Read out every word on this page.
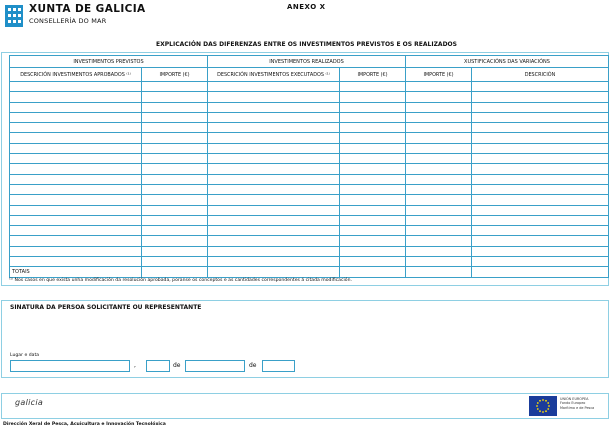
XUNTA DE GALICIA
CONSELLERÍA DO MAR
ANEXO X
EXPLICACIÓN DAS DIFERENZAS ENTRE OS INVESTIMENTOS PREVISTOS E OS REALIZADOS
INVESTIMENTOS PREVISTOS		INVESTIMENTOS REALIZADOS		XUSTIFICACIÓNS DAS VARIACIÓNS	
DESCRICIÓN INVESTIMENTOS APROBADOS ⁽¹⁾	IMPORTE (€)	DESCRICIÓN INVESTIMENTOS EXECUTADOS ⁽¹⁾	IMPORTE (€)	IMPORTE (€)	DESCRICIÓN

TOTAIS					
⁽¹⁾ Nos casos en que exista unha modificación da resolución aprobada, poranse os conceptos e as cantidades correspondentes á citada modificación.
SINATURA DA PERSOA SOLICITANTE OU REPRESENTANTE
Lugar e data
,	de	de
galicia	UNIÓN EUROPEA
Fondo Europeo
Marítimo e de Pesca
Dirección Xeral de Pesca, Acuicultura e Innovación Tecnolóxica
